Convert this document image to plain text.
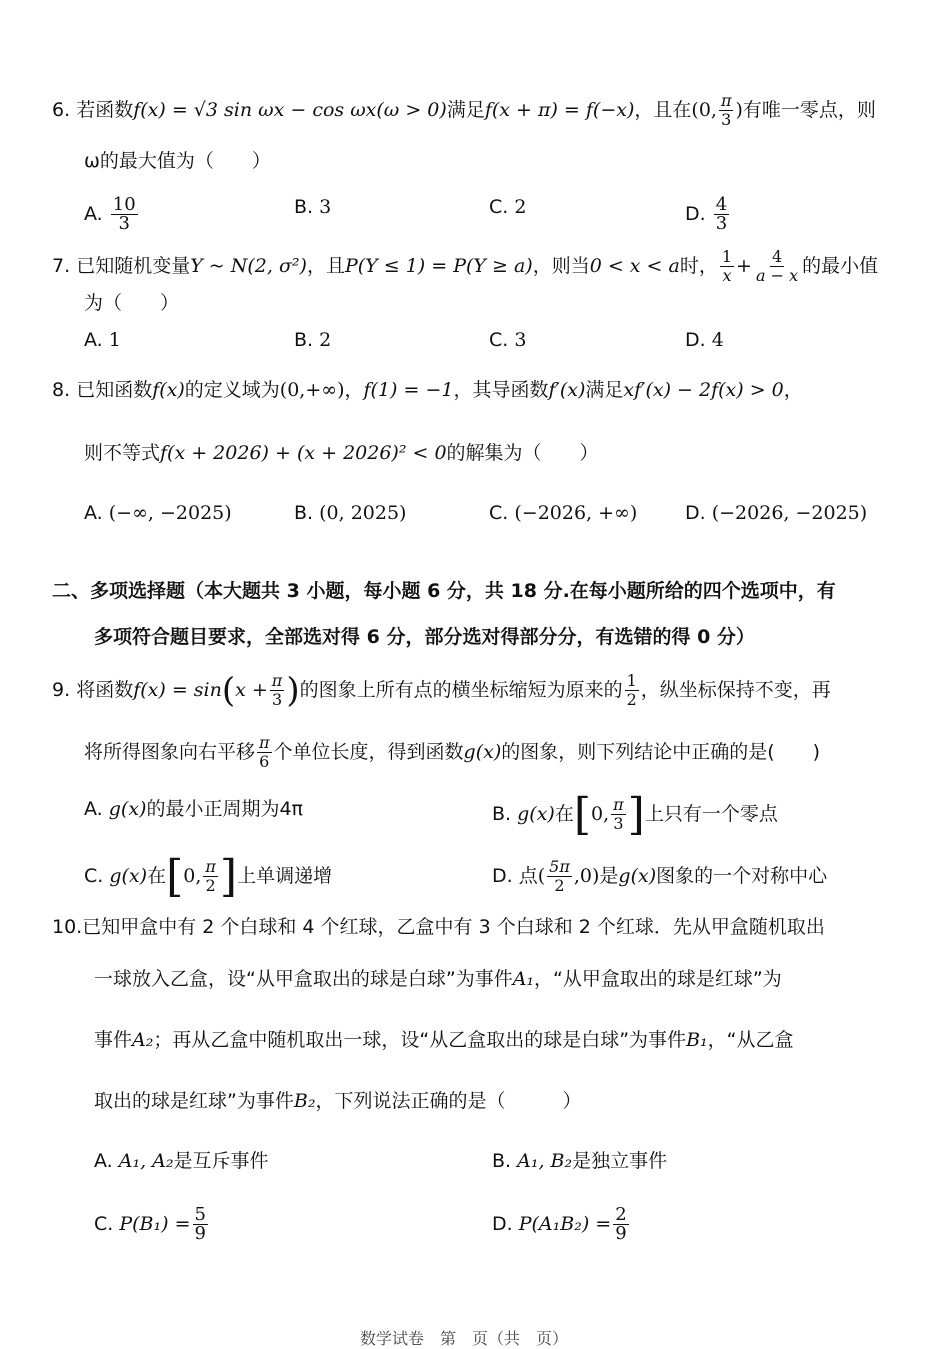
6. 若函数f(x) = √3 sin ωx − cos ωx(ω > 0)满足f(x + π) = f(−x)，且在(0, $\frac{\pi}{3}$ )有唯一零点，则
ω的最大值为（　　）
A. $\frac{10}{3}$	B. 3	C. 2	D. $\frac{4}{3}$
7. 已知随机变量Y ~ N(2, σ²)，且P(Y ≤ 1) = P(Y ≥ a)，则当0 < x < a时， $\frac{1}{x} + \frac{4}{a - x}$ 的最小值
为（　　）
A. 1	B. 2	C. 3	D. 4
8. 已知函数f(x)的定义域为(0,+∞)，f(1) = −1，其导函数f′(x)满足xf′(x) − 2f(x) > 0，
则不等式f(x + 2026) + (x + 2026)² < 0的解集为（　　）
A. (−∞, −2025)	B. (0, 2025)	C. (−2026, +∞)	D. (−2026, −2025)
二、多项选择题（本大题共 3 小题，每小题 6 分，共 18 分.在每小题所给的四个选项中，有
多项符合题目要求，全部选对得 6 分，部分选对得部分分，有选错的得 0 分）
9. 将函数$f(x) = \sin(x + \frac{\pi}{3}$ )的图象上所有点的横坐标缩短为原来的 $\frac{1}{2}$ ，纵坐标保持不变，再
将所得图象向右平移 $\frac{\pi}{6}$ 个单位长度，得到函数g(x)的图象，则下列结论中正确的是(　　)
A. g(x)的最小正周期为4π	B. g(x)在[0, $\frac{\pi}{3}$ ]上只有一个零点
C. g(x)在[0, $\frac{\pi}{2}$ ]上单调递增	D. 点( $\frac{5\pi}{2} ,0$)是g(x)图象的一个对称中心
10.已知甲盒中有 2 个白球和 4 个红球，乙盒中有 3 个白球和 2 个红球．先从甲盒随机取出
一球放入乙盒，设“从甲盒取出的球是白球”为事件A₁，“从甲盒取出的球是红球”为
事件A₂；再从乙盒中随机取出一球，设“从乙盒取出的球是白球”为事件B₁，“从乙盒
取出的球是红球”为事件B₂，下列说法正确的是（　　　）
A. A₁, A₂是互斥事件	B. A₁, B₂是独立事件
C. $P(B_1) = \frac{5}{9}$	D. $P(A_1B_2) = \frac{2}{9}$
数学试卷　第　页（共　页）
